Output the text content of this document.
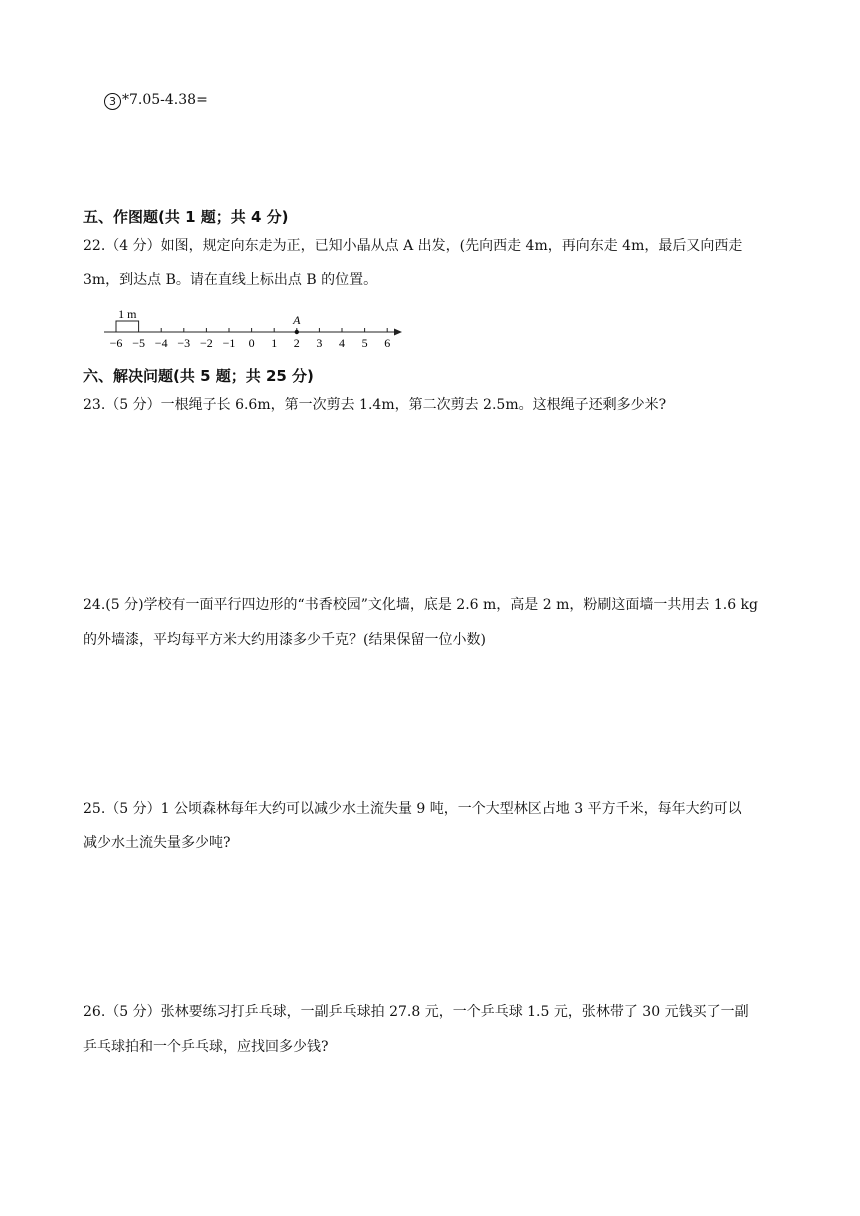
3 *7.05-4.38=
五、作图题(共 1 题；共 4 分)
22.（4 分）如图，规定向东走为正，已知小晶从点 A 出发，(先向西走 4m，再向东走 4m，最后又向西走
3m，到达点 B。请在直线上标出点 B 的位置。
−6 −5 −4 −3 −2 −1 0 1 2 3 4 5 6
1 m	A
六、解决问题(共 5 题；共 25 分)
23.（5 分）一根绳子长 6.6m，第一次剪去 1.4m，第二次剪去 2.5m。这根绳子还剩多少米?
24.(5 分)学校有一面平行四边形的“书香校园”文化墙，底是 2.6 m，高是 2 m，粉刷这面墙一共用去 1.6 kg
的外墙漆，平均每平方米大约用漆多少千克？(结果保留一位小数)
25.（5 分）1 公顷森林每年大约可以减少水土流失量 9 吨，一个大型林区占地 3 平方千米，每年大约可以
减少水土流失量多少吨?
26.（5 分）张林要练习打乒乓球，一副乒乓球拍 27.8 元，一个乒乓球 1.5 元，张林带了 30 元钱买了一副
乒乓球拍和一个乒乓球，应找回多少钱?
